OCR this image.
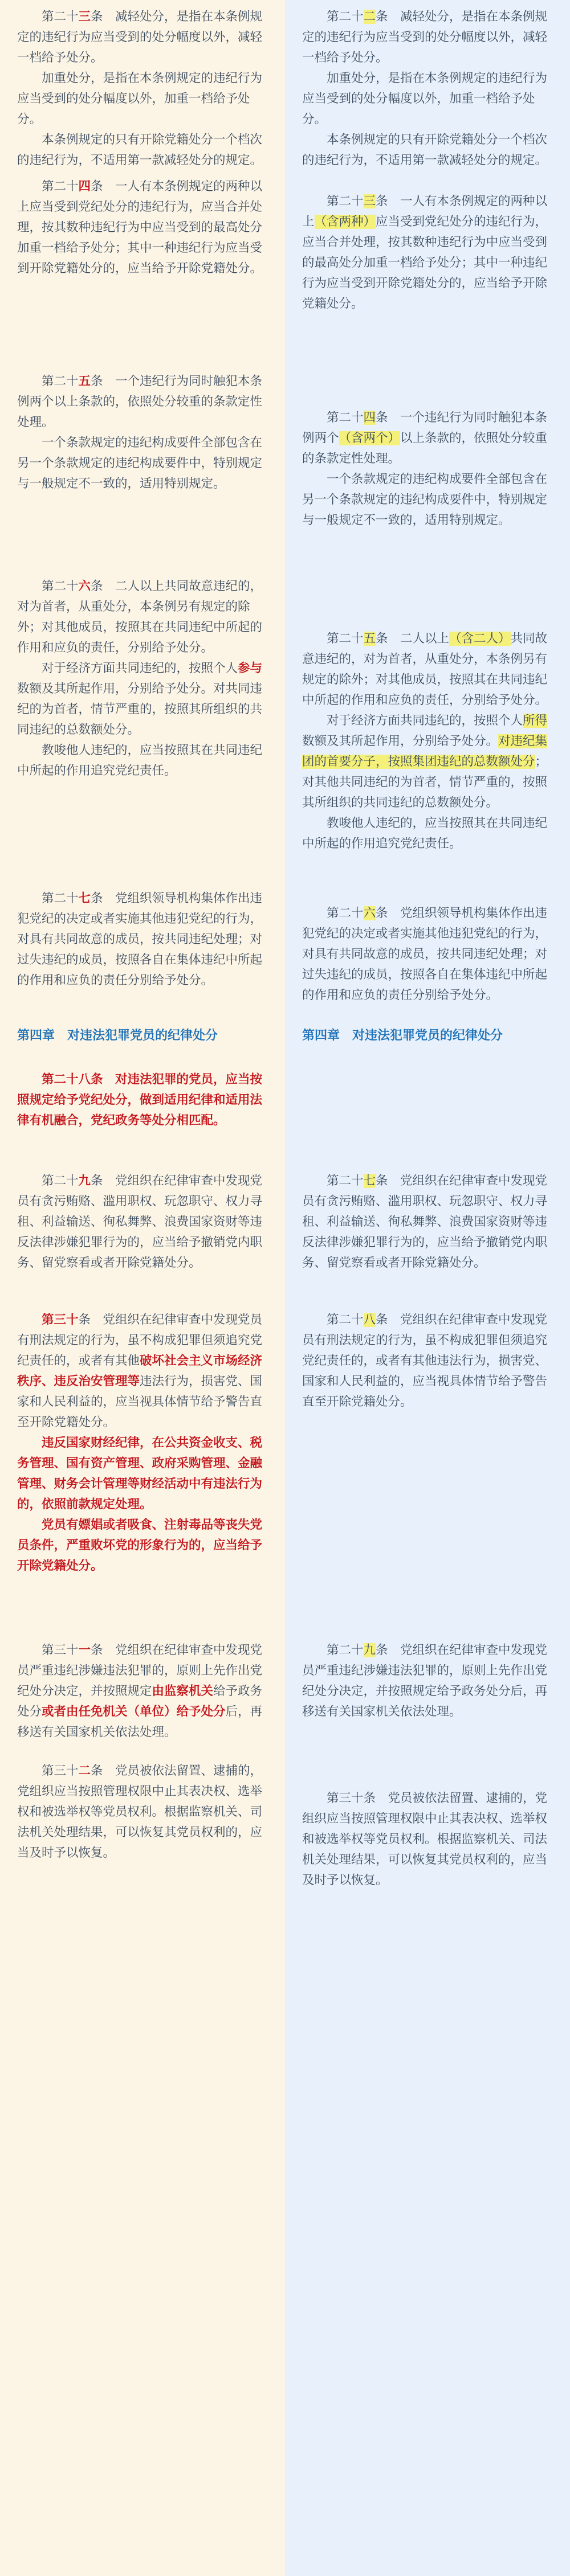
第二十三条　减轻处分，是指在本条例规定的违纪行为应当受到的处分幅度以外，减轻一档给予处分。

加重处分，是指在本条例规定的违纪行为应当受到的处分幅度以外，加重一档给予处分。

本条例规定的只有开除党籍处分一个档次的违纪行为，不适用第一款减轻处分的规定。

第二十四条　一人有本条例规定的两种以上应当受到党纪处分的违纪行为，应当合并处理，按其数种违纪行为中应当受到的最高处分加重一档给予处分；其中一种违纪行为应当受到开除党籍处分的，应当给予开除党籍处分。

第二十五条　一个违纪行为同时触犯本条例两个以上条款的，依照处分较重的条款定性处理。

一个条款规定的违纪构成要件全部包含在另一个条款规定的违纪构成要件中，特别规定与一般规定不一致的，适用特别规定。

第二十六条　二人以上共同故意违纪的，对为首者，从重处分，本条例另有规定的除外；对其他成员，按照其在共同违纪中所起的作用和应负的责任，分别给予处分。

对于经济方面共同违纪的，按照个人参与数额及其所起作用，分别给予处分。对共同违纪的为首者，情节严重的，按照其所组织的共同违纪的总数额处分。

教唆他人违纪的，应当按照其在共同违纪中所起的作用追究党纪责任。

第二十七条　党组织领导机构集体作出违犯党纪的决定或者实施其他违犯党纪的行为，对具有共同故意的成员，按共同违纪处理；对过失违纪的成员，按照各自在集体违纪中所起的作用和应负的责任分别给予处分。

第四章　对违法犯罪党员的纪律处分

第二十八条　对违法犯罪的党员，应当按照规定给予党纪处分，做到适用纪律和适用法律有机融合，党纪政务等处分相匹配。

第二十九条　党组织在纪律审查中发现党员有贪污贿赂、滥用职权、玩忽职守、权力寻租、利益输送、徇私舞弊、浪费国家资财等违反法律涉嫌犯罪行为的，应当给予撤销党内职务、留党察看或者开除党籍处分。

第三十条　党组织在纪律审查中发现党员有刑法规定的行为，虽不构成犯罪但须追究党纪责任的，或者有其他破坏社会主义市场经济秩序、违反治安管理等违法行为，损害党、国家和人民利益的，应当视具体情节给予警告直至开除党籍处分。

违反国家财经纪律，在公共资金收支、税务管理、国有资产管理、政府采购管理、金融管理、财务会计管理等财经活动中有违法行为的，依照前款规定处理。

党员有嫖娼或者吸食、注射毒品等丧失党员条件，严重败坏党的形象行为的，应当给予开除党籍处分。

第三十一条　党组织在纪律审查中发现党员严重违纪涉嫌违法犯罪的，原则上先作出党纪处分决定，并按照规定由监察机关给予政务处分或者由任免机关（单位）给予处分后，再移送有关国家机关依法处理。

第三十二条　党员被依法留置、逮捕的，党组织应当按照管理权限中止其表决权、选举权和被选举权等党员权利。根据监察机关、司法机关处理结果，可以恢复其党员权利的，应当及时予以恢复。

第二十二条　减轻处分，是指在本条例规定的违纪行为应当受到的处分幅度以外，减轻一档给予处分。

加重处分，是指在本条例规定的违纪行为应当受到的处分幅度以外，加重一档给予处分。

本条例规定的只有开除党籍处分一个档次的违纪行为，不适用第一款减轻处分的规定。

第二十三条　一人有本条例规定的两种以上（含两种）应当受到党纪处分的违纪行为，应当合并处理，按其数种违纪行为中应当受到的最高处分加重一档给予处分；其中一种违纪行为应当受到开除党籍处分的，应当给予开除党籍处分。

第二十四条　一个违纪行为同时触犯本条例两个（含两个）以上条款的，依照处分较重的条款定性处理。

一个条款规定的违纪构成要件全部包含在另一个条款规定的违纪构成要件中，特别规定与一般规定不一致的，适用特别规定。

第二十五条　二人以上（含二人）共同故意违纪的，对为首者，从重处分，本条例另有规定的除外；对其他成员，按照其在共同违纪中所起的作用和应负的责任，分别给予处分。

对于经济方面共同违纪的，按照个人所得数额及其所起作用，分别给予处分。对违纪集团的首要分子，按照集团违纪的总数额处分；对其他共同违纪的为首者，情节严重的，按照其所组织的共同违纪的总数额处分。

教唆他人违纪的，应当按照其在共同违纪中所起的作用追究党纪责任。

第二十六条　党组织领导机构集体作出违犯党纪的决定或者实施其他违犯党纪的行为，对具有共同故意的成员，按共同违纪处理；对过失违纪的成员，按照各自在集体违纪中所起的作用和应负的责任分别给予处分。

第四章　对违法犯罪党员的纪律处分

第二十七条　党组织在纪律审查中发现党员有贪污贿赂、滥用职权、玩忽职守、权力寻租、利益输送、徇私舞弊、浪费国家资财等违反法律涉嫌犯罪行为的，应当给予撤销党内职务、留党察看或者开除党籍处分。

第二十八条　党组织在纪律审查中发现党员有刑法规定的行为，虽不构成犯罪但须追究党纪责任的，或者有其他违法行为，损害党、国家和人民利益的，应当视具体情节给予警告直至开除党籍处分。

第二十九条　党组织在纪律审查中发现党员严重违纪涉嫌违法犯罪的，原则上先作出党纪处分决定，并按照规定给予政务处分后，再移送有关国家机关依法处理。

第三十条　党员被依法留置、逮捕的，党组织应当按照管理权限中止其表决权、选举权和被选举权等党员权利。根据监察机关、司法机关处理结果，可以恢复其党员权利的，应当及时予以恢复。
